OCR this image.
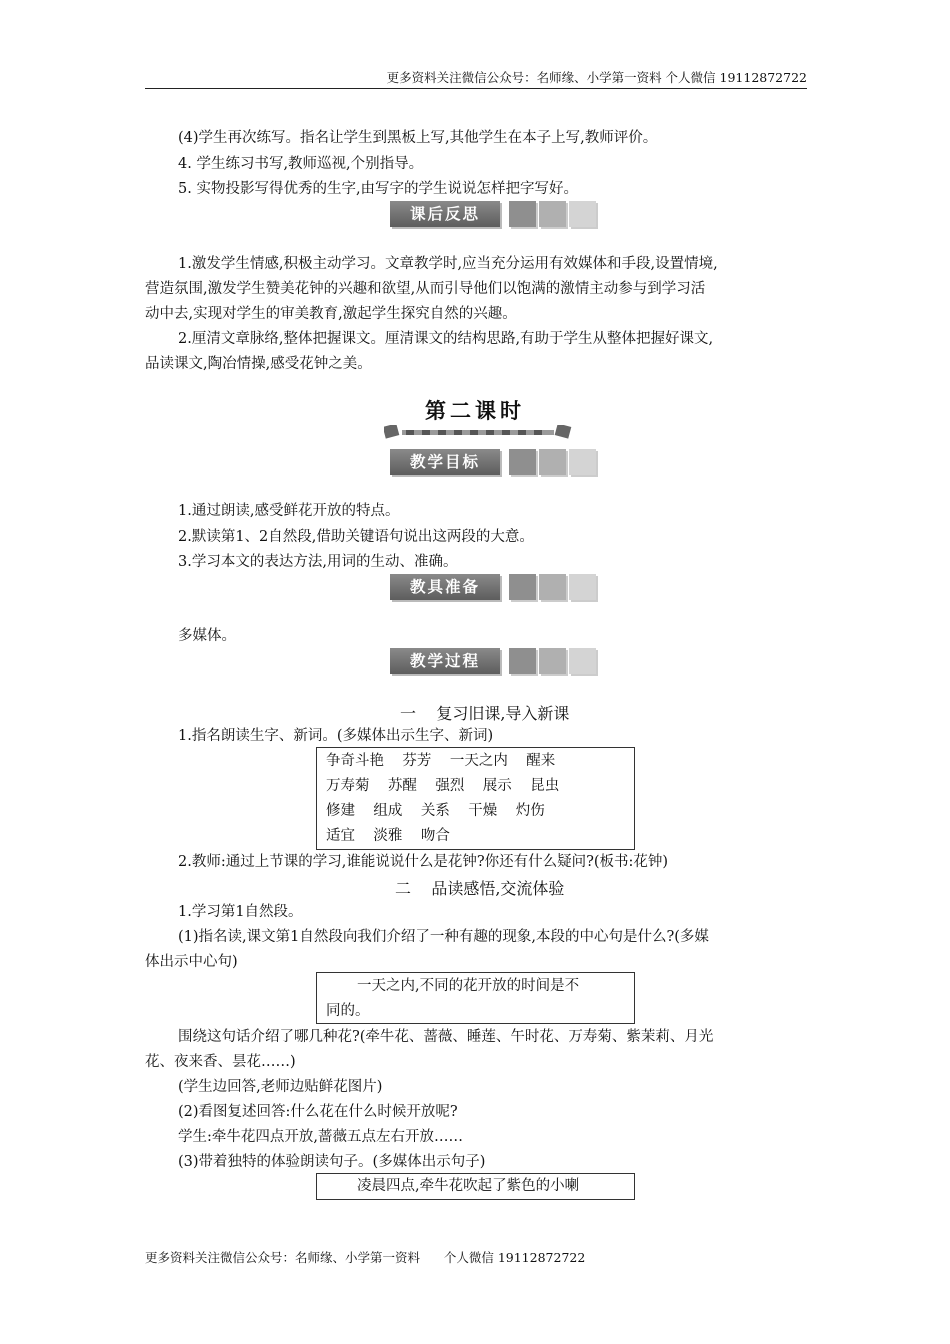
更多资料关注微信公众号：名师缘、小学第一资料 个人微信 19112872722
(4)学生再次练写。指名让学生到黑板上写,其他学生在本子上写,教师评价。
4. 学生练习书写,教师巡视,个别指导。
5. 实物投影写得优秀的生字,由写字的学生说说怎样把字写好。
课后反思
1.激发学生情感,积极主动学习。文章教学时,应当充分运用有效媒体和手段,设置情境,
营造氛围,激发学生赞美花钟的兴趣和欲望,从而引导他们以饱满的激情主动参与到学习活
动中去,实现对学生的审美教育,激起学生探究自然的兴趣。
2.厘清文章脉络,整体把握课文。厘清课文的结构思路,有助于学生从整体把握好课文,
品读课文,陶冶情操,感受花钟之美。
第二课时
教学目标
1.通过朗读,感受鲜花开放的特点。
2.默读第1、2自然段,借助关键语句说出这两段的大意。
3.学习本文的表达方法,用词的生动、准确。
教具准备
多媒体。
教学过程
一    复习旧课,导入新课
1.指名朗读生字、新词。(多媒体出示生字、新词)
争奇斗艳    芬芳    一天之内    醒来
万寿菊    苏醒    强烈    展示    昆虫
修建    组成    关系    干燥    灼伤
适宜    淡雅    吻合
2.教师:通过上节课的学习,谁能说说什么是花钟?你还有什么疑问?(板书:花钟)
二    品读感悟,交流体验
1.学习第1自然段。
(1)指名读,课文第1自然段向我们介绍了一种有趣的现象,本段的中心句是什么?(多媒
体出示中心句)
一天之内,不同的花开放的时间是不
同的。
围绕这句话介绍了哪几种花?(牵牛花、蔷薇、睡莲、午时花、万寿菊、紫茉莉、月光
花、夜来香、昙花……)
(学生边回答,老师边贴鲜花图片)
(2)看图复述回答:什么花在什么时候开放呢?
学生:牵牛花四点开放,蔷薇五点左右开放……
(3)带着独特的体验朗读句子。(多媒体出示句子)
凌晨四点,牵牛花吹起了紫色的小喇
更多资料关注微信公众号：名师缘、小学第一资料      个人微信 19112872722
